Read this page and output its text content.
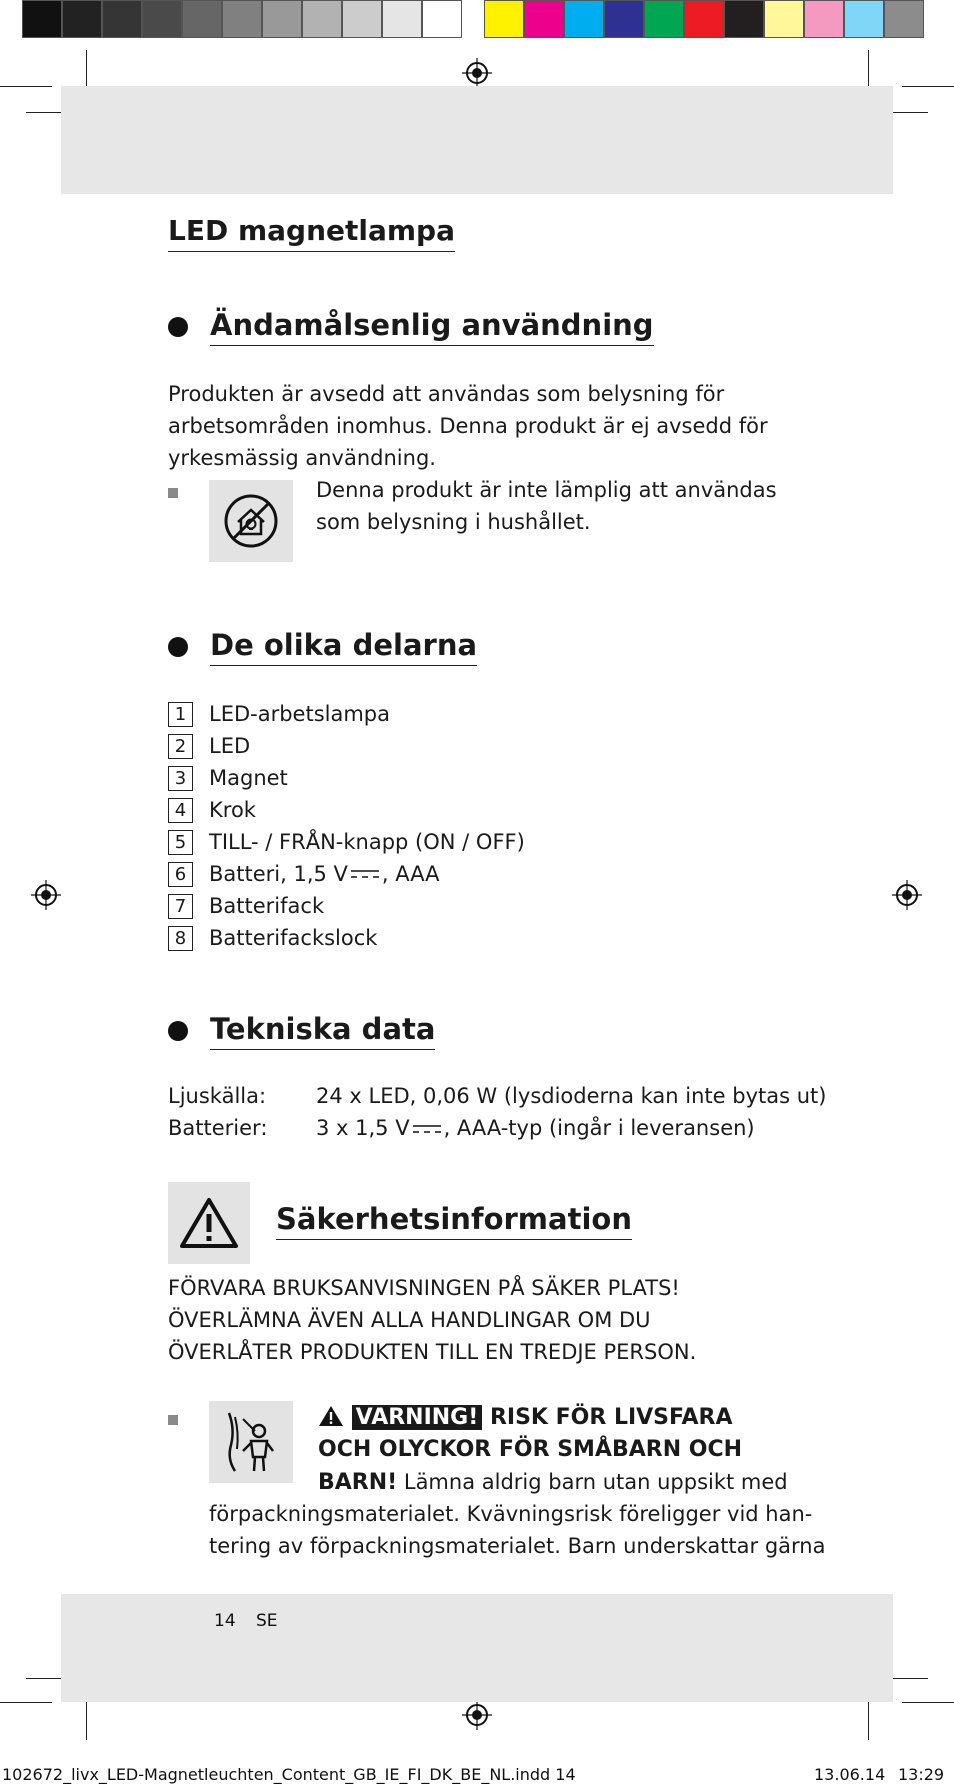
LED magnetlampa
Ändamålsenlig användning
Produkten är avsedd att användas som belysning för
arbetsområden inomhus. Denna produkt är ej avsedd för
yrkesmässig användning.
Denna produkt är inte lämplig att användas
som belysning i hushållet.
De olika delarna
1	LED-arbetslampa
2	LED
3	Magnet
4	Krok
5	TILL- / FRÅN-knapp (ON / OFF)
6	Batteri, 1,5 V , AAA
7	Batterifack
8	Batterifackslock
Tekniska data
Ljuskälla: 24 x LED, 0,06 W (lysdioderna kan inte bytas ut)
Batterier: 3 x 1,5 V , AAA-typ (ingår i leveransen)
Säkerhetsinformation
FÖRVARA BRUKSANVISNINGEN PÅ SÄKER PLATS!
ÖVERLÄMNA ÄVEN ALLA HANDLINGAR OM DU
ÖVERLÅTER PRODUKTEN TILL EN TREDJE PERSON.
VARNING! RISK FÖR LIVSFARA
OCH OLYCKOR FÖR SMÅBARN OCH
BARN! Lämna aldrig barn utan uppsikt med
förpackningsmaterialet. Kvävningsrisk föreligger vid han-
tering av förpackningsmaterialet. Barn underskattar gärna
14 SE
102672_livx_LED-Magnetleuchten_Content_GB_IE_FI_DK_BE_NL.indd 14	13.06.14 13:29
